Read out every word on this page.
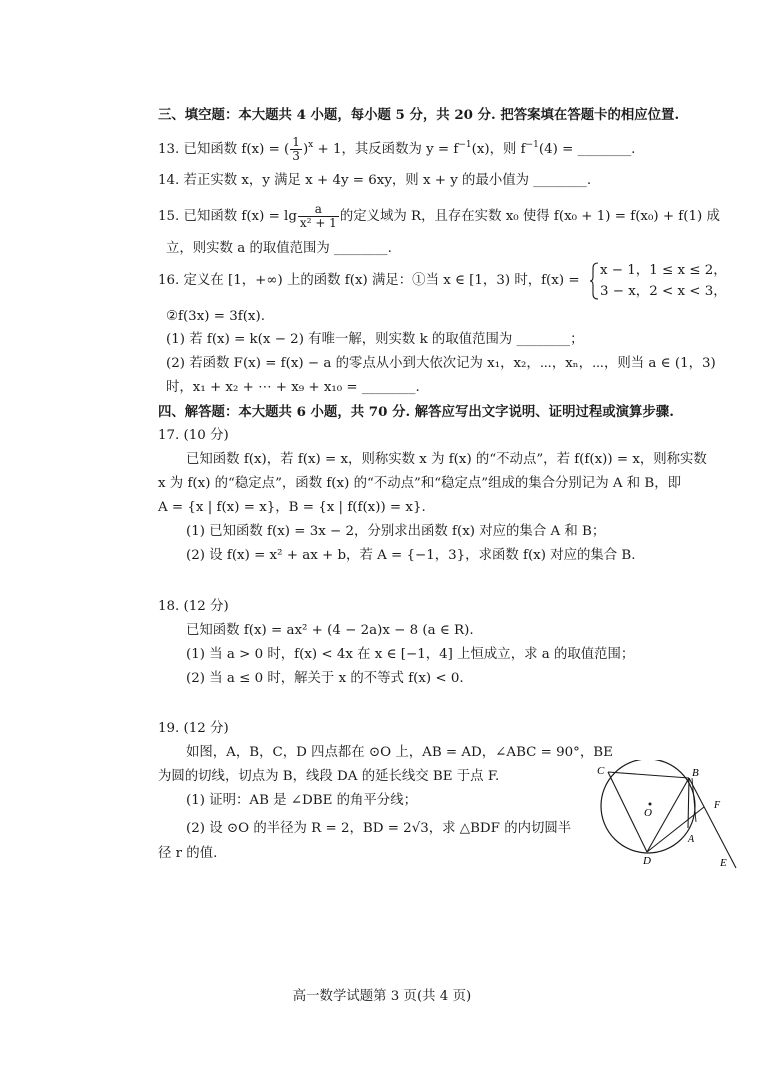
三、填空题：本大题共 4 小题，每小题 5 分，共 20 分. 把答案填在答题卡的相应位置.
13. 已知函数 f(x) = ( $\frac{1}{3} )^x + 1$，其反函数为 $y = f^{-1}(x)$，则 $f^{-1}(4)$ = ________.
14. 若正实数 x，y 满足 x + 4y = 6xy，则 x + y 的最小值为 ________.
15. 已知函数 $f(x) = \lg \frac{a}{\text{x² + 1}}$ 的定义域为 R，且存在实数 x₀ 使得 f(x₀ + 1) = f(x₀) + f(1) 成
立，则实数 a 的取值范围为 ________.
16. 定义在 [1，+∞) 上的函数 f(x) 满足：①当 x ∈ [1，3) 时，f(x) =
x − 1，1 ≤ x ≤ 2，
3 − x，2 < x < 3，
②f(3x) = 3f(x).
(1) 若 f(x) = k(x − 2) 有唯一解，则实数 k 的取值范围为 ________；
(2) 若函数 F(x) = f(x) − a 的零点从小到大依次记为 x₁，x₂，⋯，xₙ，⋯，则当 a ∈ (1，3)
时，x₁ + x₂ + ⋯ + x₉ + x₁₀ = ________.
四、解答题：本大题共 6 小题，共 70 分. 解答应写出文字说明、证明过程或演算步骤.
17. (10 分)
已知函数 f(x)，若 f(x) = x，则称实数 x 为 f(x) 的“不动点”，若 f(f(x)) = x，则称实数
x 为 f(x) 的“稳定点”，函数 f(x) 的“不动点”和“稳定点”组成的集合分别记为 A 和 B，即
A = {x | f(x) = x}，B = {x | f(f(x)) = x}.
(1) 已知函数 f(x) = 3x − 2，分别求出函数 f(x) 对应的集合 A 和 B；
(2) 设 f(x) = x² + ax + b，若 A = {−1，3}，求函数 f(x) 对应的集合 B.
18. (12 分)
已知函数 f(x) = ax² + (4 − 2a)x − 8 (a ∈ R).
(1) 当 a > 0 时，f(x) < 4x 在 x ∈ [−1，4] 上恒成立，求 a 的取值范围；
(2) 当 a ≤ 0 时，解关于 x 的不等式 f(x) < 0.
19. (12 分)
如图，A，B，C，D 四点都在 ⊙O 上，AB = AD，∠ABC = 90°，BE
为圆的切线，切点为 B，线段 DA 的延长线交 BE 于点 F.
(1) 证明：AB 是 ∠DBE 的角平分线；
(2) 设 ⊙O 的半径为 R = 2，BD = 2√3，求 △BDF 的内切圆半
径 r 的值.
C	B
O
F
A
D	E
高一数学试题第 3 页(共 4 页)
